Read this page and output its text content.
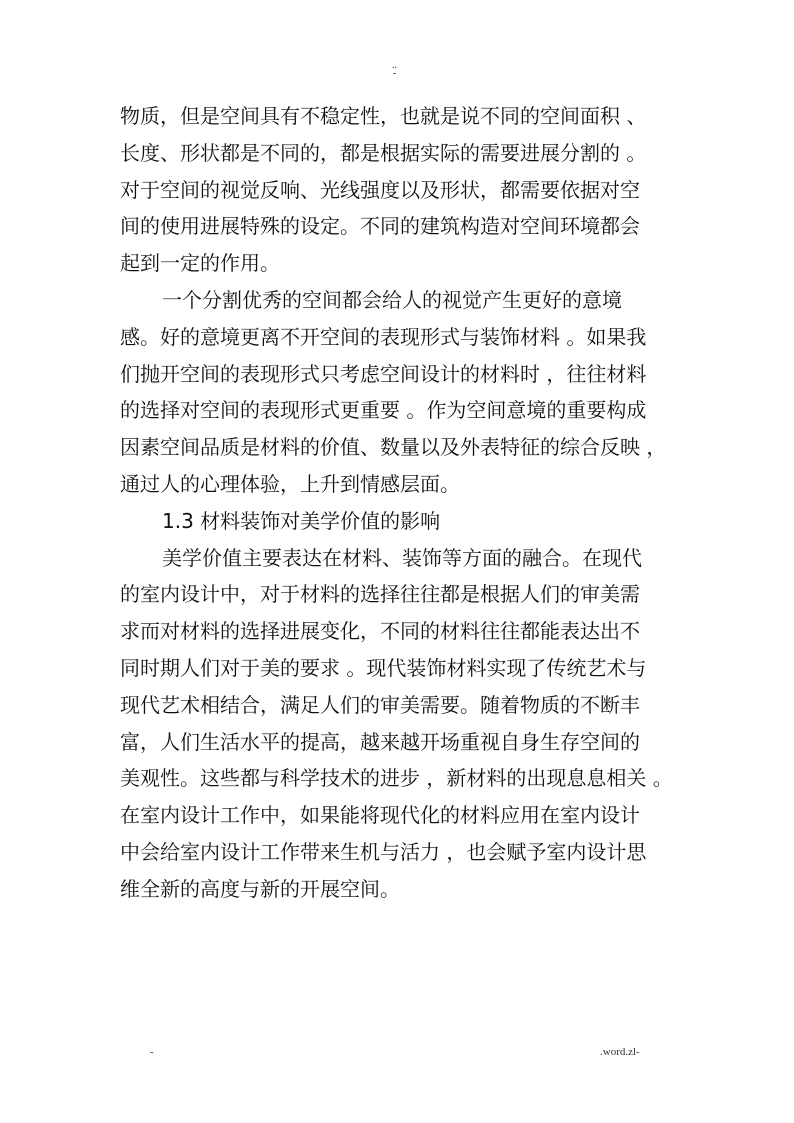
..
-
物质，但是空间具有不稳定性，也就是说不同的空间面积 、
长度、形状都是不同的，都是根据实际的需要进展分割的 。
对于空间的视觉反响、光线强度以及形状，都需要依据对空
间的使用进展特殊的设定。不同的建筑构造对空间环境都会
起到一定的作用。
一个分割优秀的空间都会给人的视觉产生更好的意境
感。好的意境更离不开空间的表现形式与装饰材料 。如果我
们抛开空间的表现形式只考虑空间设计的材料时 ，往往材料
的选择对空间的表现形式更重要 。作为空间意境的重要构成
因素空间品质是材料的价值、数量以及外表特征的综合反映 ，
通过人的心理体验，上升到情感层面。
1.3 材料装饰对美学价值的影响
美学价值主要表达在材料、装饰等方面的融合。在现代
的室内设计中，对于材料的选择往往都是根据人们的审美需
求而对材料的选择进展变化，不同的材料往往都能表达出不
同时期人们对于美的要求 。现代装饰材料实现了传统艺术与
现代艺术相结合，满足人们的审美需要。随着物质的不断丰
富，人们生活水平的提高，越来越开场重视自身生存空间的
美观性。这些都与科学技术的进步 ，新材料的出现息息相关 。
在室内设计工作中，如果能将现代化的材料应用在室内设计
中会给室内设计工作带来生机与活力 ，也会赋予室内设计思
维全新的高度与新的开展空间。
-	.word.zl-
